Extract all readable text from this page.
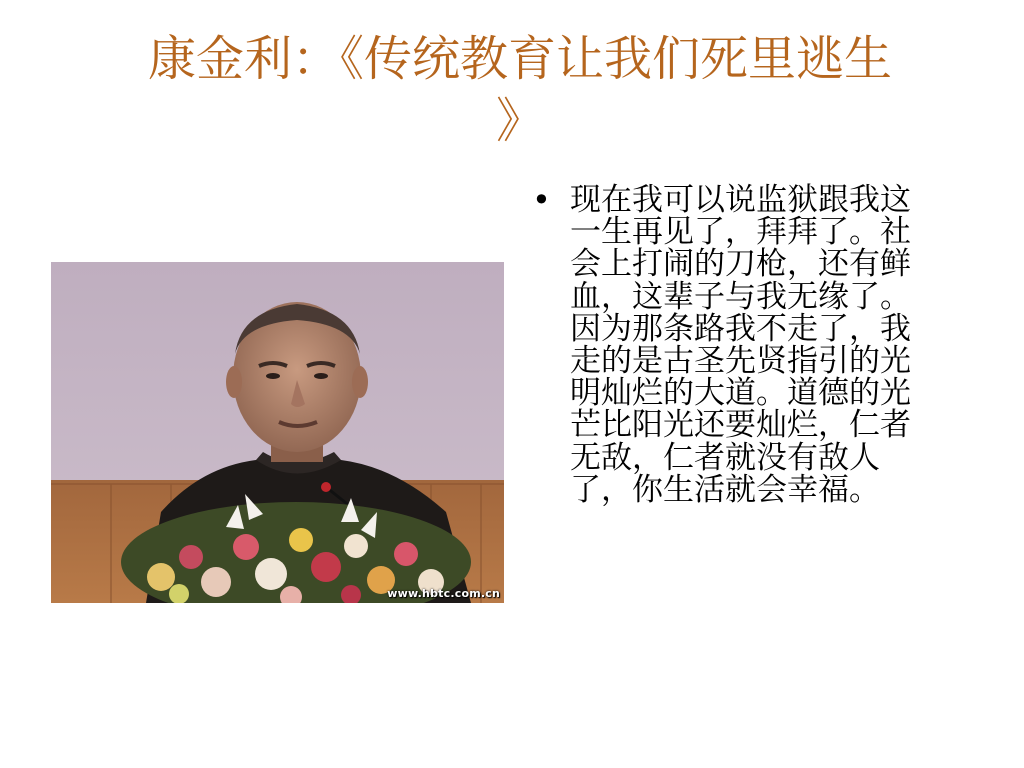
康金利：《传统教育让我们死里逃生
》
www.hbtc.com.cn
• 现在我可以说监狱跟我这一生再见了，拜拜了。社会上打闹的刀枪，还有鲜血，这辈子与我无缘了。因为那条路我不走了，我走的是古圣先贤指引的光明灿烂的大道。道德的光芒比阳光还要灿烂，仁者无敌，仁者就没有敌人了，你生活就会幸福。
